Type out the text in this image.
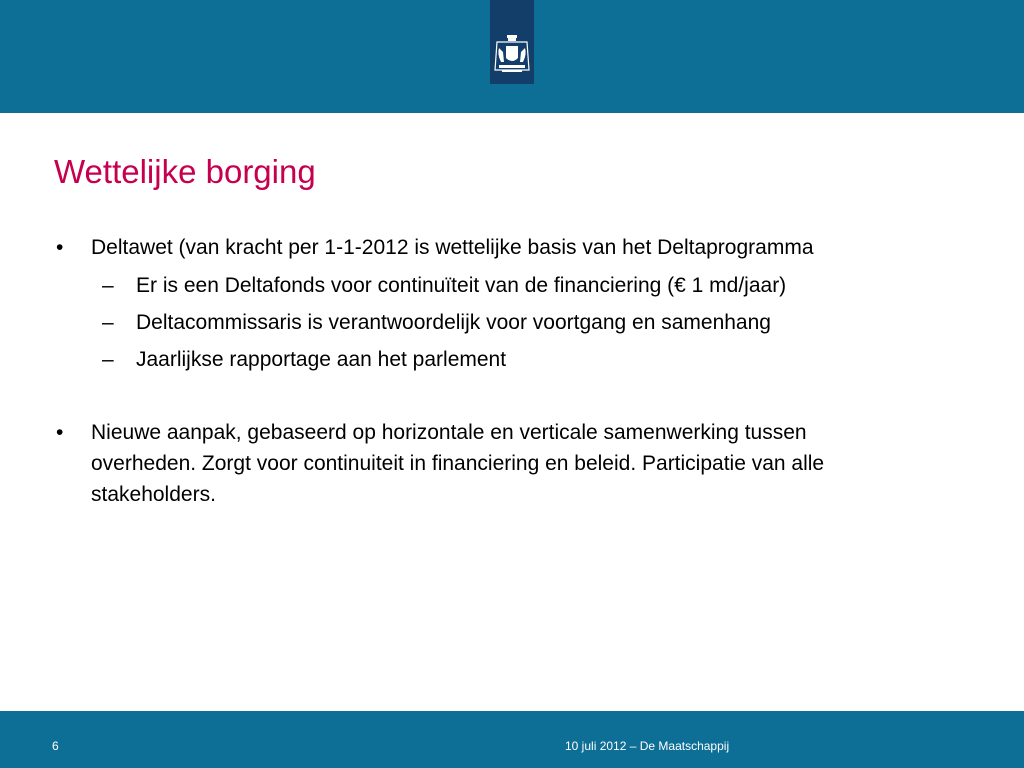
Wettelijke borging
• Deltawet (van kracht per 1-1-2012 is wettelijke basis van het Deltaprogramma
– Er is een Deltafonds voor continuïteit van de financiering (€ 1 md/jaar)
– Deltacommissaris is verantwoordelijk voor voortgang en samenhang
– Jaarlijkse rapportage aan het parlement
• Nieuwe aanpak, gebaseerd op horizontale en verticale samenwerking tussen
overheden. Zorgt voor continuiteit in financiering en beleid. Participatie van alle
stakeholders.
6	10 juli 2012 – De Maatschappij
